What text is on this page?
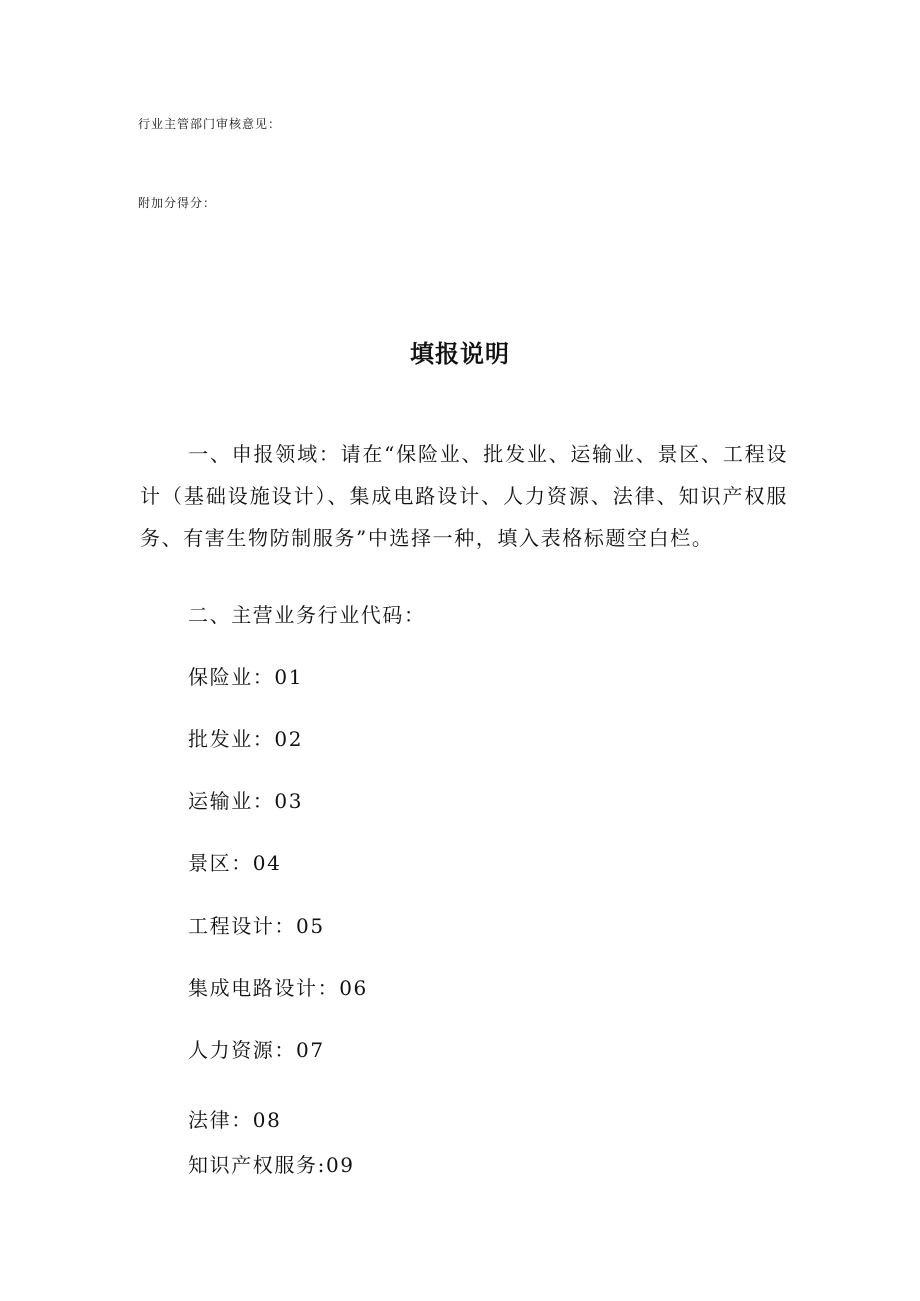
行业主管部门审核意见：
附加分得分：
填报说明
一、申报领域：请在“保险业、批发业、运输业、景区、工程设计（基础设施设计）、集成电路设计、人力资源、法律、知识产权服务、有害生物防制服务”中选择一种，填入表格标题空白栏。
二、主营业务行业代码：
保险业：01
批发业：02
运输业：03
景区：04
工程设计：05
集成电路设计：06
人力资源：07
法律：08
知识产权服务:09
